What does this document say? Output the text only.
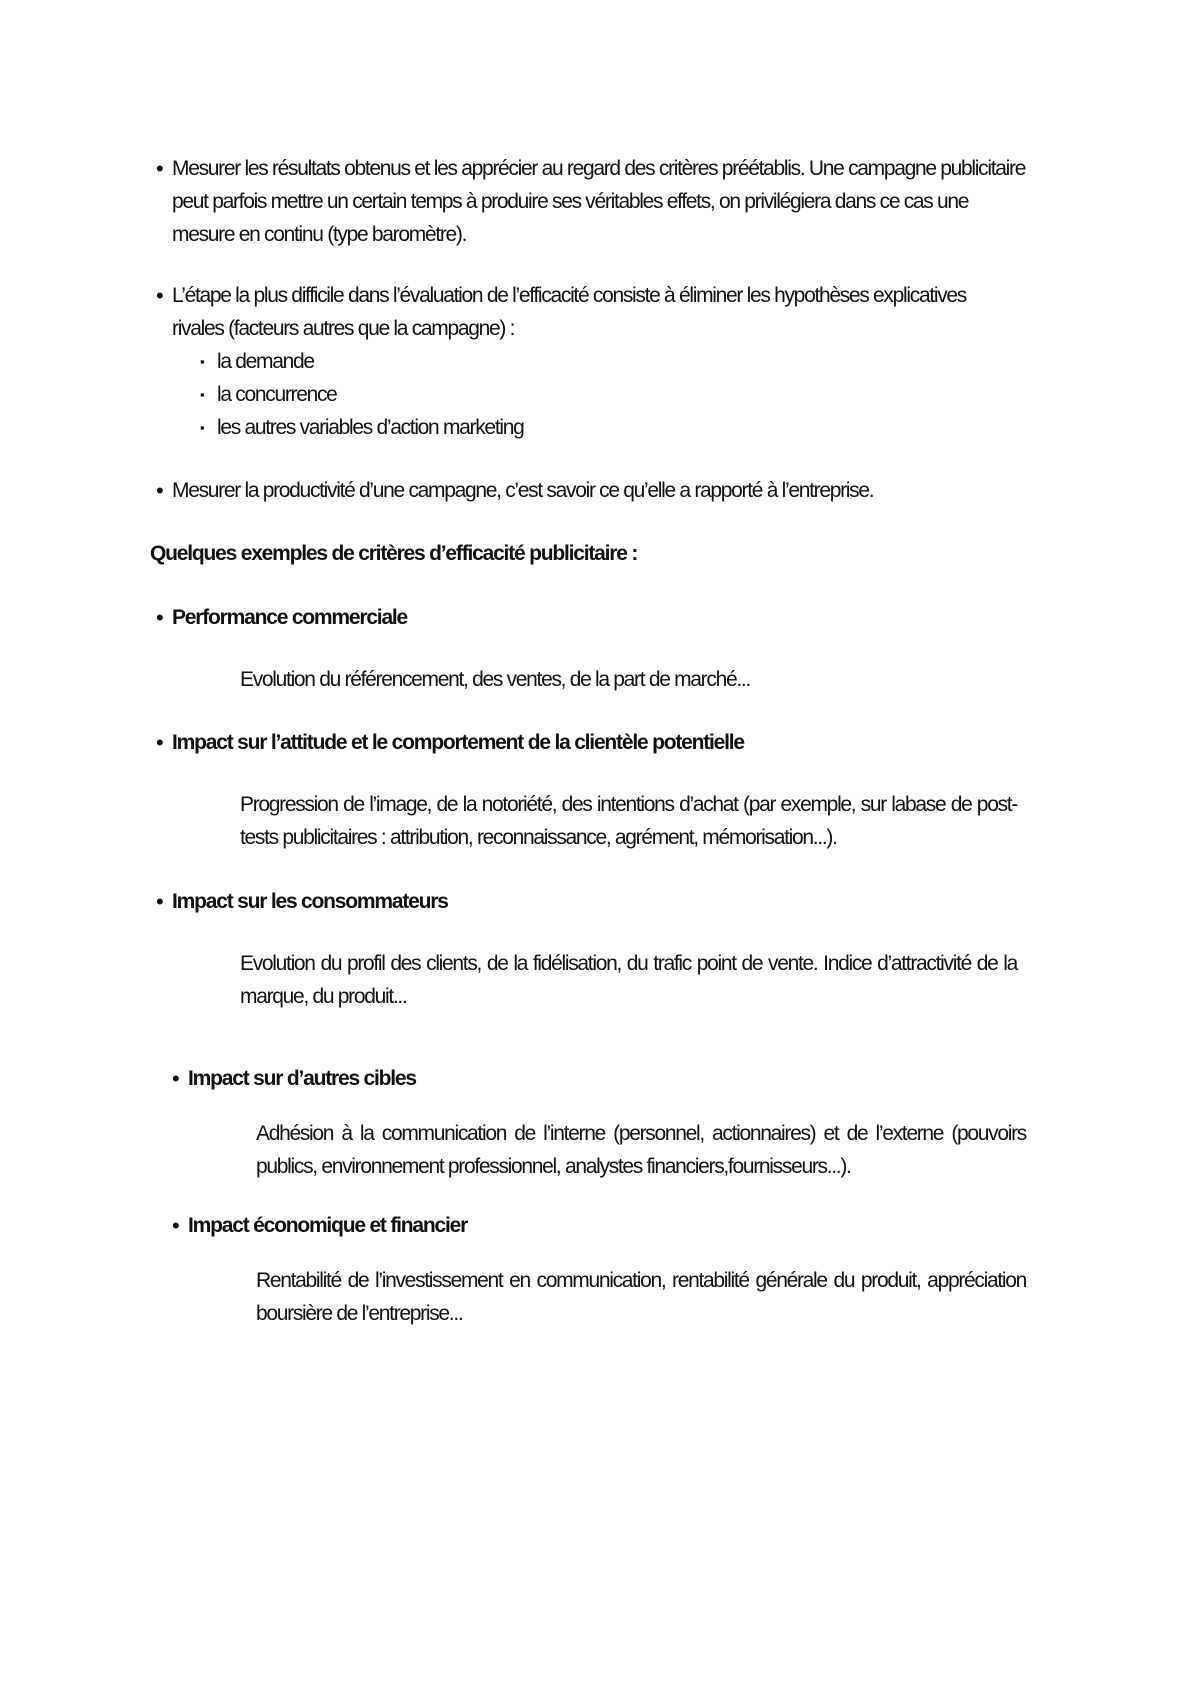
• Mesurer les résultats obtenus et les apprécier au regard des critères préétablis. Une campagne publicitaire peut parfois mettre un certain temps à produire ses véritables effets, on privilégiera dans ce cas une mesure en continu (type baromètre).
• L’étape la plus difficile dans l’évaluation de l’efficacité consiste à éliminer les hypothèses explicatives rivales (facteurs autres que la campagne) :
▪ la demande
▪ la concurrence
▪ les autres variables d’action marketing
• Mesurer la productivité d’une campagne, c’est savoir ce qu’elle a rapporté à l’entreprise.
Quelques exemples de critères d’efficacité publicitaire :
• Performance commerciale
Evolution du référencement, des ventes, de la part de marché...
• Impact sur l’attitude et le comportement de la clientèle potentielle
Progression de l’image, de la notoriété, des intentions d’achat (par exemple, sur labase de post-tests publicitaires : attribution, reconnaissance, agrément, mémorisation...).
• Impact sur les consommateurs
Evolution du profil des clients, de la fidélisation, du trafic point de vente. Indice d’attractivité de la marque, du produit...
• Impact sur d’autres cibles
Adhésion à la communication de l’interne (personnel, actionnaires) et de l’externe (pouvoirs publics, environnement professionnel, analystes financiers,fournisseurs...).
• Impact économique et financier
Rentabilité de l’investissement en communication, rentabilité générale du produit, appréciation boursière de l’entreprise...
